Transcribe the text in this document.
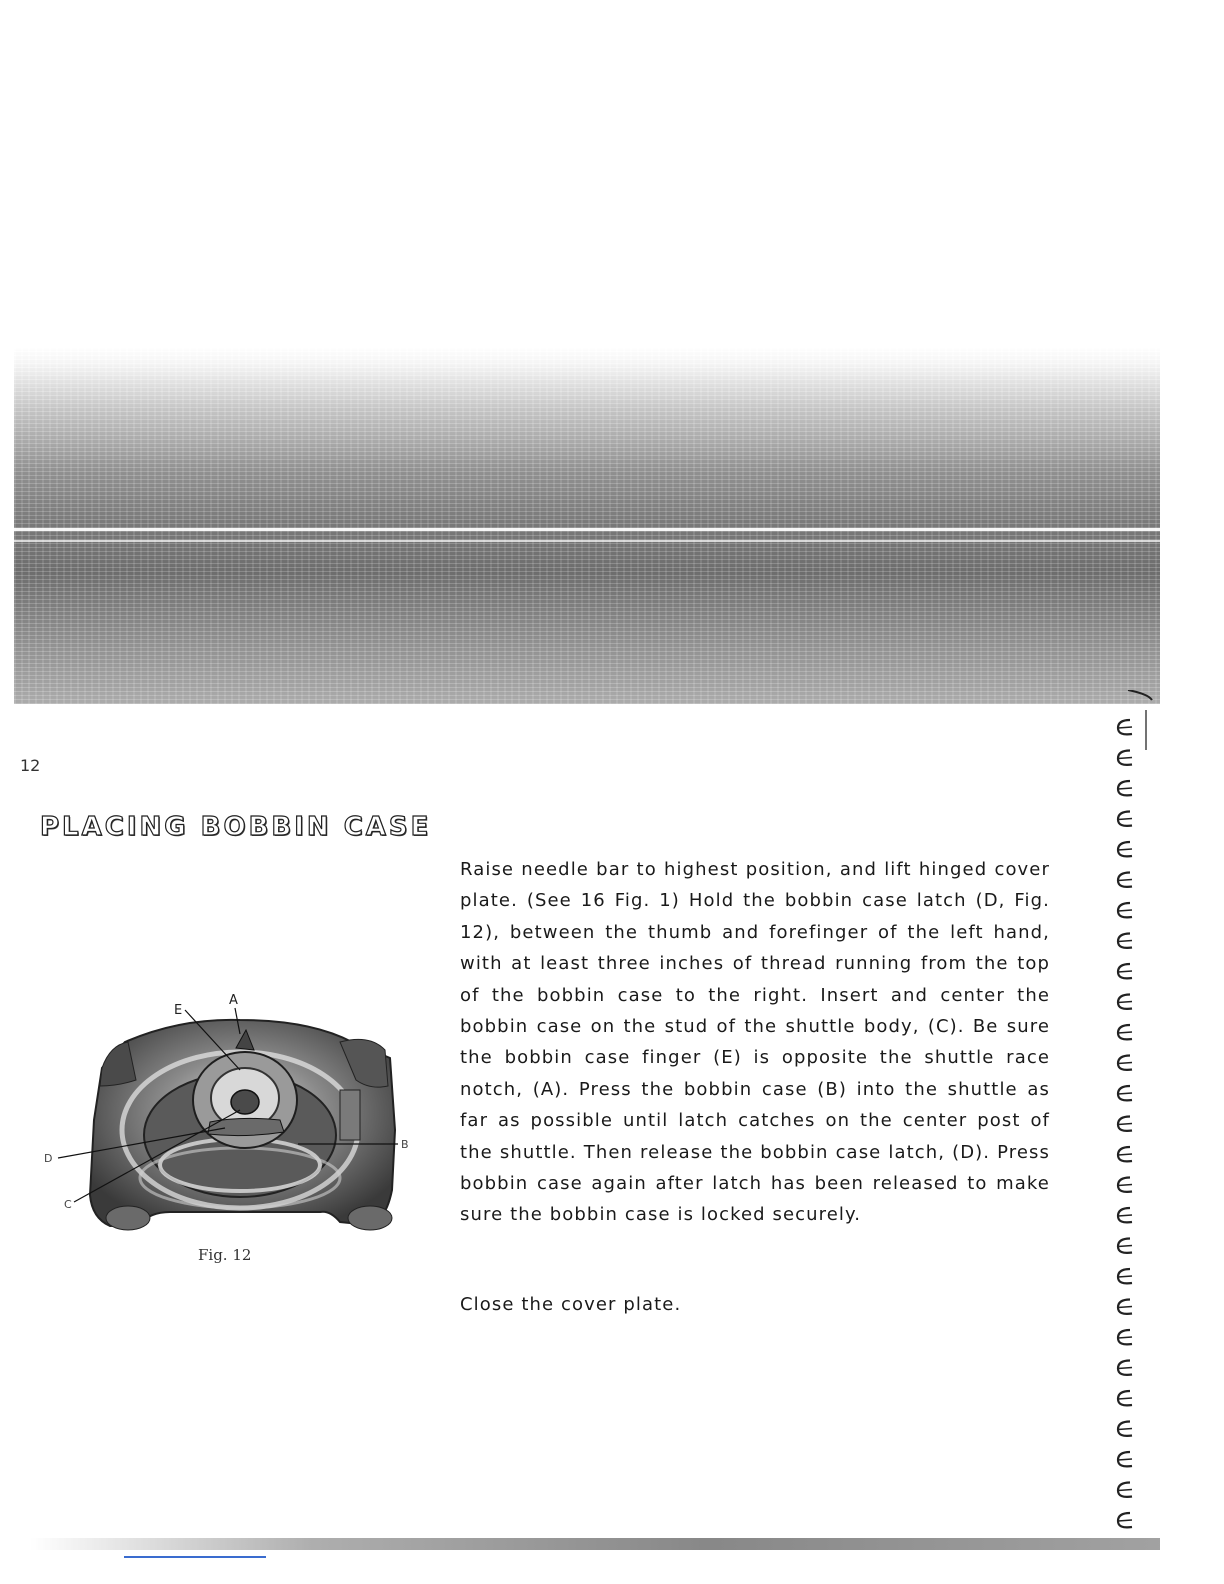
12
PLACING BOBBIN CASE

Raise needle bar to highest position, and lift hinged cover plate. (See 16 Fig. 1) Hold the bobbin case latch (D, Fig. 12), between the thumb and forefinger of the left hand, with at least three inches of thread running from the top of the bobbin case to the right. Insert and center the bobbin case on the stud of the shuttle body, (C). Be sure the bobbin case finger (E) is opposite the shuttle race notch, (A). Press the bobbin case (B) into the shuttle as far as possible until latch catches on the center post of the shuttle. Then release the bobbin case latch, (D). Press bobbin case again after latch has been released to make sure the bobbin case is locked securely.

Close the cover plate.

E
A
D
C
B
Fig. 12
